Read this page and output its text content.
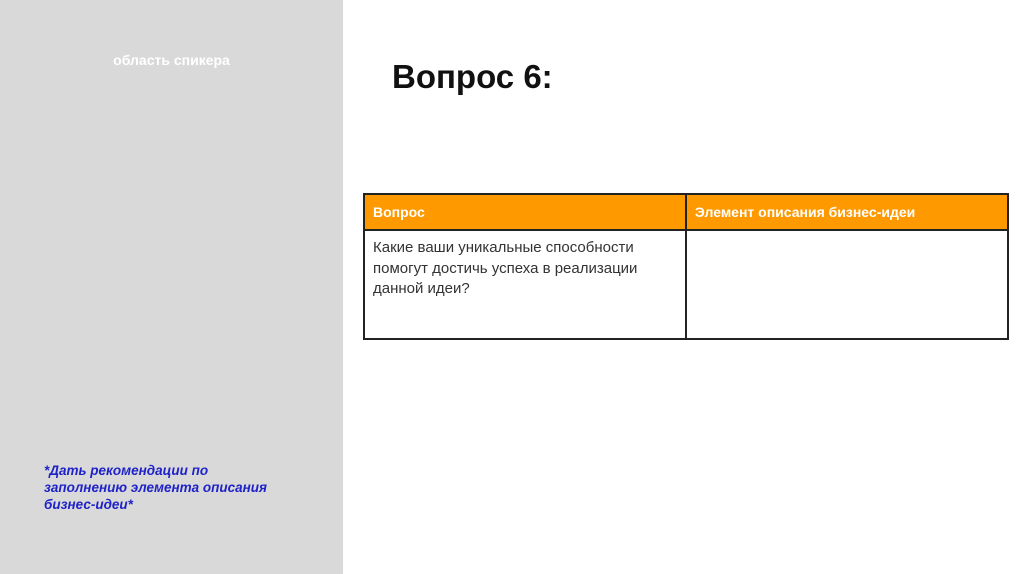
область спикера
*Дать рекомендации по заполнению элемента описания бизнес-идеи*
Вопрос 6:
Вопрос	Элемент описания бизнес-идеи
Какие ваши уникальные способности помогут достичь успеха в реализации данной идеи?	
